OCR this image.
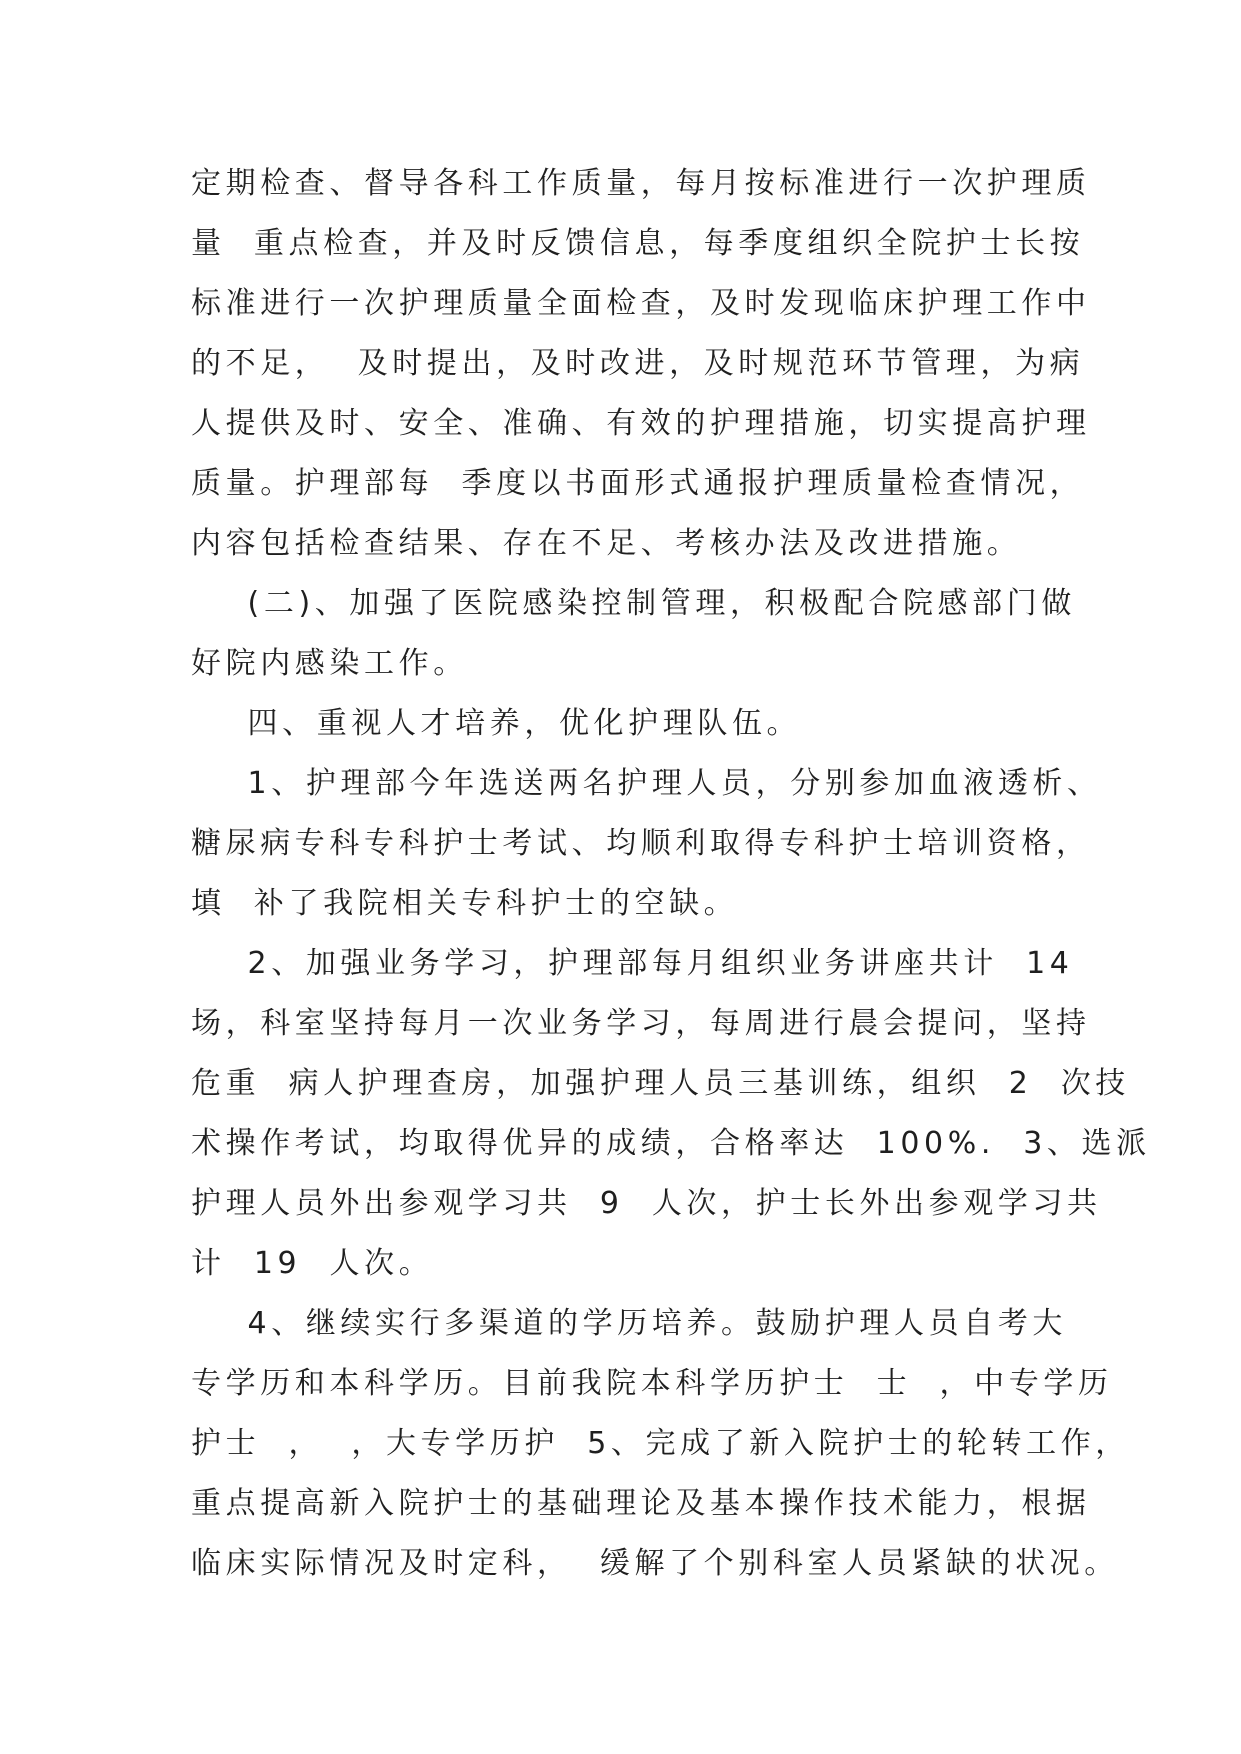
定期检查、督导各科工作质量，每月按标准进行一次护理质
量  重点检查，并及时反馈信息，每季度组织全院护士长按
标准进行一次护理质量全面检查，及时发现临床护理工作中
的不足，  及时提出，及时改进，及时规范环节管理，为病
人提供及时、安全、准确、有效的护理措施，切实提高护理
质量。护理部每  季度以书面形式通报护理质量检查情况，
内容包括检查结果、存在不足、考核办法及改进措施。
(二)、加强了医院感染控制管理，积极配合院感部门做
好院内感染工作。
四、重视人才培养，优化护理队伍。
1、护理部今年选送两名护理人员，分别参加血液透析、
糖尿病专科专科护士考试、均顺利取得专科护士培训资格，
填  补了我院相关专科护士的空缺。
2、加强业务学习，护理部每月组织业务讲座共计  14
场，科室坚持每月一次业务学习，每周进行晨会提问，坚持
危重  病人护理查房，加强护理人员三基训练，组织  2  次技
术操作考试，均取得优异的成绩，合格率达  100%.  3、选派
护理人员外出参观学习共  9  人次，护士长外出参观学习共
计  19  人次。
4、继续实行多渠道的学历培养。鼓励护理人员自考大
专学历和本科学历。目前我院本科学历护士  士  ，中专学历
护士  ，  ，大专学历护  5、完成了新入院护士的轮转工作，
重点提高新入院护士的基础理论及基本操作技术能力，根据
临床实际情况及时定科，  缓解了个别科室人员紧缺的状况。
